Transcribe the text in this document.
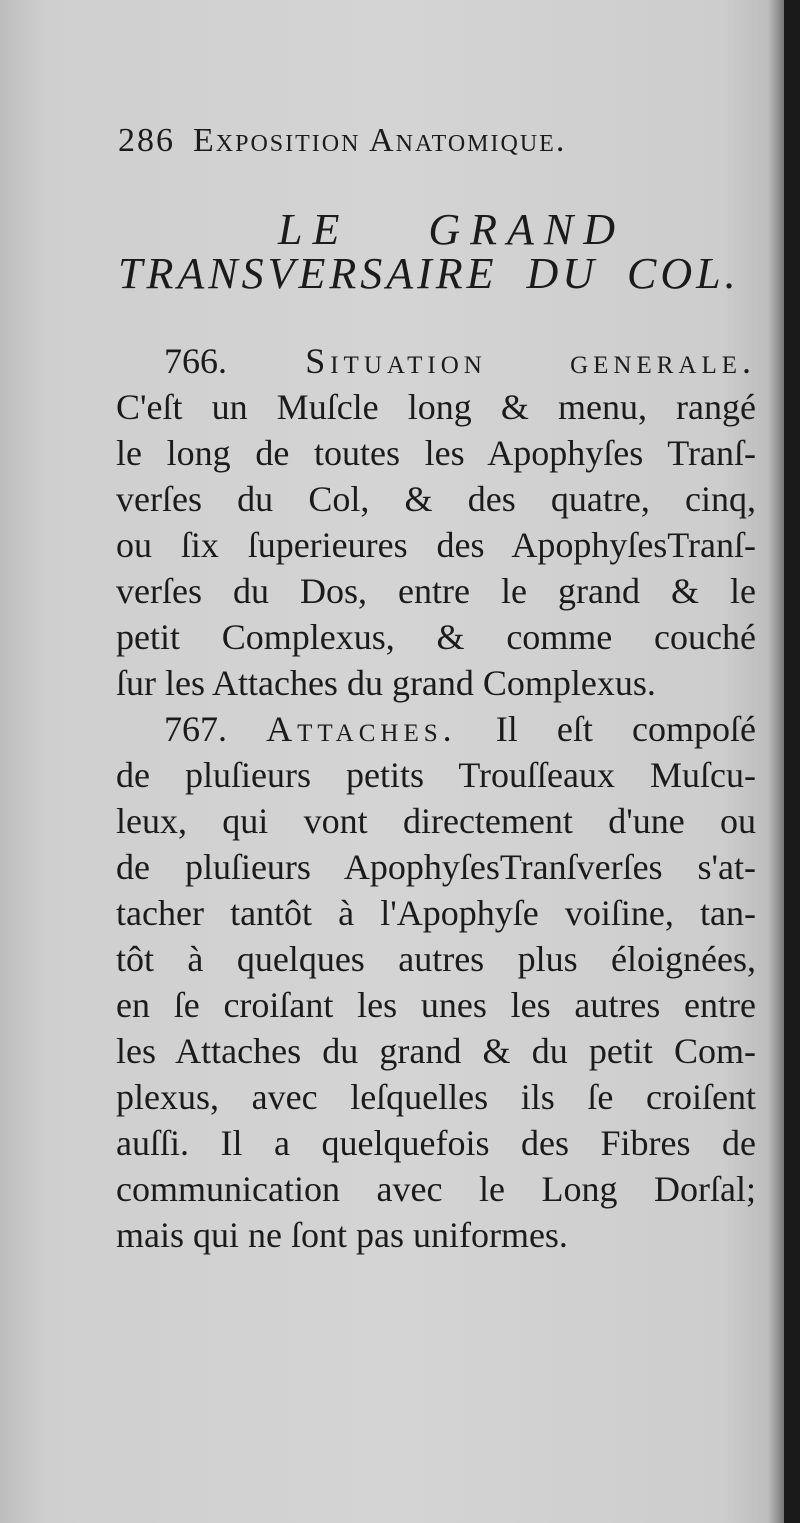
286 Exposition Anatomique.
LE GRAND
TRANSVERSAIRE DU COL.
766. Situation generale.
C'eſt un Muſcle long & menu, rangé
le long de toutes les Apophyſes Tranſ-
verſes du Col, & des quatre, cinq,
ou ſix ſuperieures des ApophyſesTranſ-
verſes du Dos, entre le grand & le
petit Complexus, & comme couché
ſur les Attaches du grand Complexus.
767. Attaches. Il eſt compoſé
de pluſieurs petits Trouſſeaux Muſcu-
leux, qui vont directement d'une ou
de pluſieurs ApophyſesTranſverſes s'at-
tacher tantôt à l'Apophyſe voiſine, tan-
tôt à quelques autres plus éloignées,
en ſe croiſant les unes les autres entre
les Attaches du grand & du petit Com-
plexus, avec leſquelles ils ſe croiſent
auſſi. Il a quelquefois des Fibres de
communication avec le Long Dorſal;
mais qui ne ſont pas uniformes.
